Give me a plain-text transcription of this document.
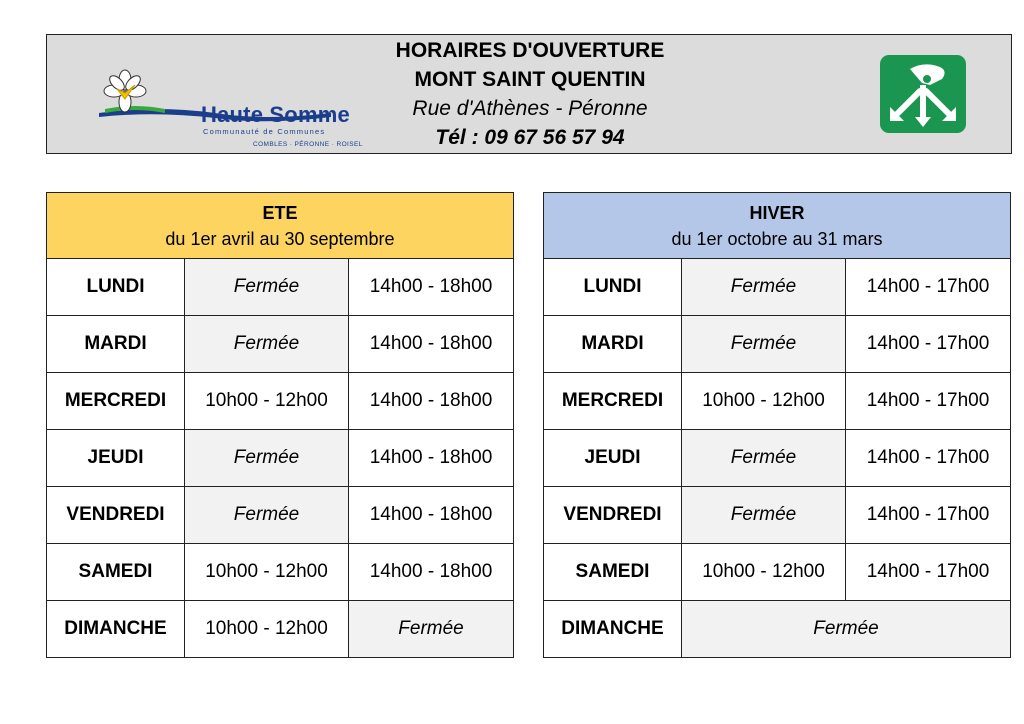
Haute Somme
Communauté de Communes
COMBLES · PÉRONNE · ROISEL
HORAIRES D'OUVERTURE
MONT SAINT QUENTIN
Rue d'Athènes - Péronne
Tél : 09 67 56 57 94
ETE
du 1er avril au 30 septembre
LUNDI	Fermée	14h00 - 18h00
MARDI	Fermée	14h00 - 18h00
MERCREDI	10h00 - 12h00	14h00 - 18h00
JEUDI	Fermée	14h00 - 18h00
VENDREDI	Fermée	14h00 - 18h00
SAMEDI	10h00 - 12h00	14h00 - 18h00
DIMANCHE	10h00 - 12h00	Fermée
HIVER
du 1er octobre au 31 mars
LUNDI	Fermée	14h00 - 17h00
MARDI	Fermée	14h00 - 17h00
MERCREDI	10h00 - 12h00	14h00 - 17h00
JEUDI	Fermée	14h00 - 17h00
VENDREDI	Fermée	14h00 - 17h00
SAMEDI	10h00 - 12h00	14h00 - 17h00
DIMANCHE	Fermée
